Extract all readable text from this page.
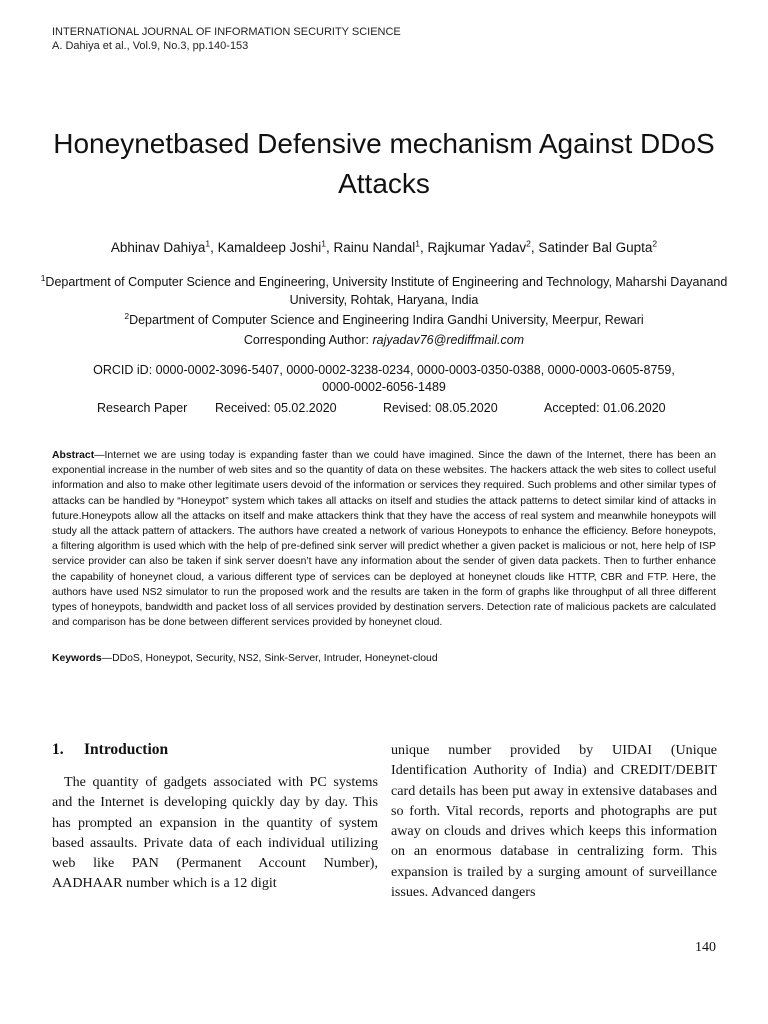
INTERNATIONAL JOURNAL OF INFORMATION SECURITY SCIENCE
A. Dahiya et al., Vol.9, No.3, pp.140-153
Honeynetbased Defensive mechanism Against DDoS Attacks
Abhinav Dahiya$^1$, Kamaldeep Joshi$^1$, Rainu Nandal$^1$, Rajkumar Yadav$^2$, Satinder Bal Gupta$^2$
$^1$Department of Computer Science and Engineering, University Institute of Engineering and Technology, Maharshi Dayanand University, Rohtak, Haryana, India
$^2$Department of Computer Science and Engineering Indira Gandhi University, Meerpur, Rewari
Corresponding Author: rajyadav76@rediffmail.com
ORCID iD: 0000-0002-3096-5407, 0000-0002-3238-0234, 0000-0003-0350-0388, 0000-0003-0605-8759,
0000-0002-6056-1489
Research Paper Received: 05.02.2020	Revised: 08.05.2020	Accepted: 01.06.2020

Abstract—Internet we are using today is expanding faster than we could have imagined. Since the dawn of the Internet, there has been an exponential increase in the number of web sites and so the quantity of data on these websites. The hackers attack the web sites to collect useful information and also to make other legitimate users devoid of the information or services they required. Such problems and other similar types of attacks can be handled by “Honeypot” system which takes all attacks on itself and studies the attack patterns to detect similar kind of attacks in future.Honeypots allow all the attacks on itself and make attackers think that they have the access of real system and meanwhile honeypots will study all the attack pattern of attackers. The authors have created a network of various Honeypots to enhance the efficiency. Before honeypots, a filtering algorithm is used which with the help of pre-defined sink server will predict whether a given packet is malicious or not, here help of ISP service provider can also be taken if sink server doesn’t have any information about the sender of given data packets. Then to further enhance the capability of honeynet cloud, a various different type of services can be deployed at honeynet clouds like HTTP, CBR and FTP. Here, the authors have used NS2 simulator to run the proposed work and the results are taken in the form of graphs like throughput of all three different types of honeypots, bandwidth and packet loss of all services provided by destination servers. Detection rate of malicious packets are calculated and comparison has be done between different services provided by honeynet cloud.

Keywords—DDoS, Honeypot, Security, NS2, Sink-Server, Intruder, Honeynet-cloud

1. Introduction

The quantity of gadgets associated with PC systems and the Internet is developing quickly day by day. This has prompted an expansion in the quantity of system based assaults. Private data of each individual utilizing web like PAN (Permanent Account Number), AADHAAR number which is a 12 digit

unique number provided by UIDAI (Unique Identification Authority of India) and CREDIT/DEBIT card details has been put away in extensive databases and so forth. Vital records, reports and photographs are put away on clouds and drives which keeps this information on an enormous database in centralizing form. This expansion is trailed by a surging amount of surveillance issues. Advanced dangers

140
